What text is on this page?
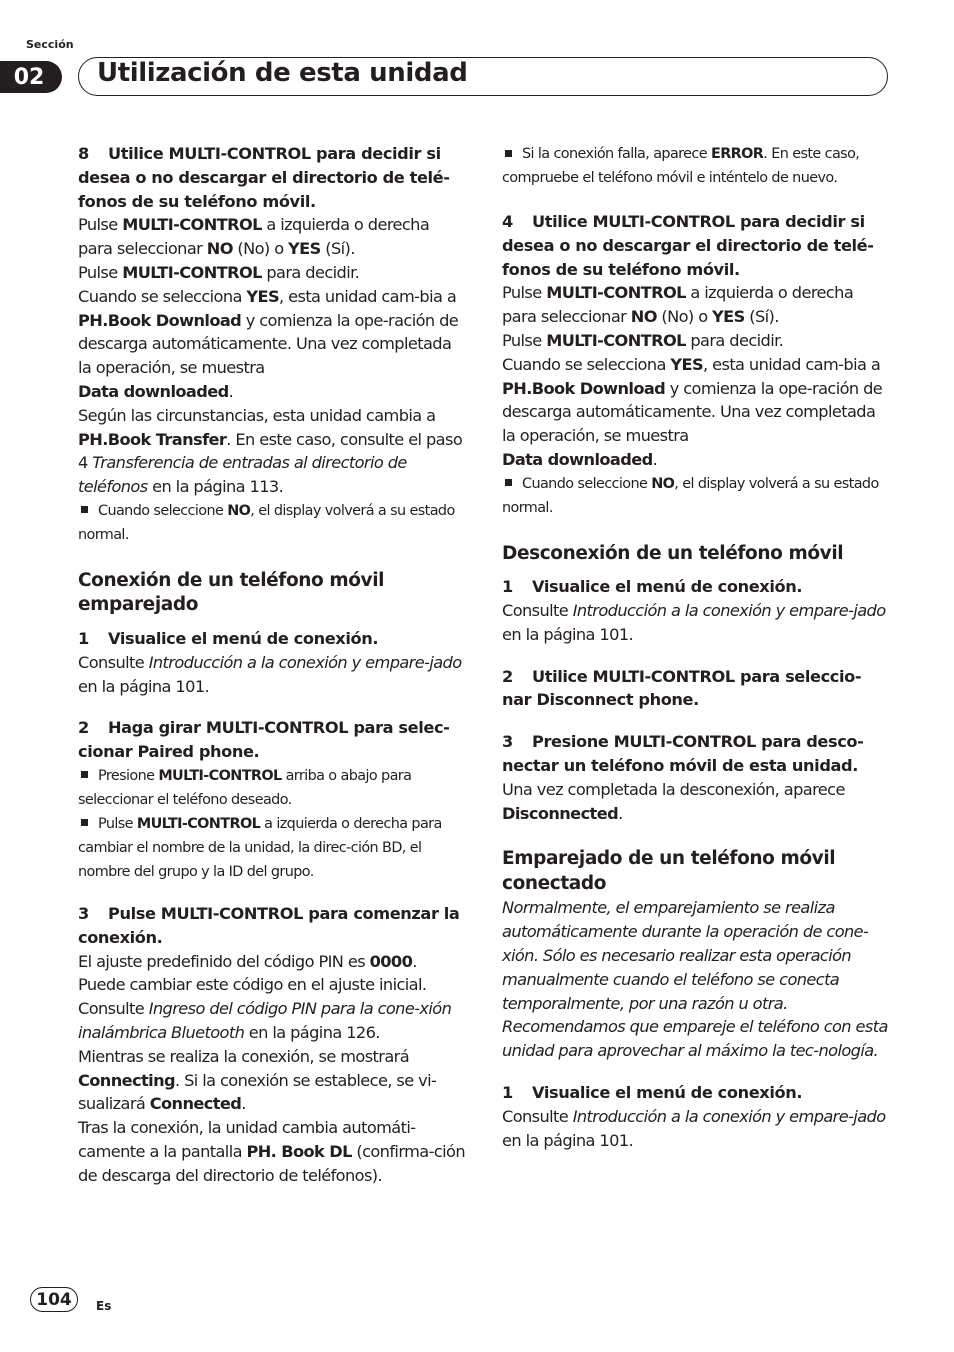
Sección
02	Utilización de esta unidad

8 Utilice MULTI-CONTROL para decidir si desea o no descargar el directorio de telé-fonos de su teléfono móvil.

Pulse MULTI-CONTROL a izquierda o derecha para seleccionar NO (No) o YES (Sí).

Pulse MULTI-CONTROL para decidir.

Cuando se selecciona YES, esta unidad cam-bia a PH.Book Download y comienza la ope-ración de descarga automáticamente. Una vez completada la operación, se muestra

Data downloaded.

Según las circunstancias, esta unidad cambia a PH.Book Transfer. En este caso, consulte el paso 4 Transferencia de entradas al directorio de teléfonos en la página 113.

Cuando seleccione NO, el display volverá a su estado normal.

Conexión de un teléfono móvil emparejado

1 Visualice el menú de conexión.

Consulte Introducción a la conexión y empare-jado en la página 101.

2 Haga girar MULTI-CONTROL para selec-cionar Paired phone.

Presione MULTI-CONTROL arriba o abajo para seleccionar el teléfono deseado.

Pulse MULTI-CONTROL a izquierda o derecha para cambiar el nombre de la unidad, la direc-ción BD, el nombre del grupo y la ID del grupo.

3 Pulse MULTI-CONTROL para comenzar la conexión.

El ajuste predefinido del código PIN es 0000.

Puede cambiar este código en el ajuste inicial. Consulte Ingreso del código PIN para la cone-xión inalámbrica Bluetooth en la página 126.

Mientras se realiza la conexión, se mostrará Connecting. Si la conexión se establece, se vi-sualizará Connected.

Tras la conexión, la unidad cambia automáti-camente a la pantalla PH. Book DL (confirma-ción de descarga del directorio de teléfonos).

Si la conexión falla, aparece ERROR. En este caso, compruebe el teléfono móvil e inténtelo de nuevo.

4 Utilice MULTI-CONTROL para decidir si desea o no descargar el directorio de telé-fonos de su teléfono móvil.

Pulse MULTI-CONTROL a izquierda o derecha para seleccionar NO (No) o YES (Sí).

Pulse MULTI-CONTROL para decidir.

Cuando se selecciona YES, esta unidad cam-bia a PH.Book Download y comienza la ope-ración de descarga automáticamente. Una vez completada la operación, se muestra

Data downloaded.

Cuando seleccione NO, el display volverá a su estado normal.

Desconexión de un teléfono móvil

1 Visualice el menú de conexión.

Consulte Introducción a la conexión y empare-jado en la página 101.

2 Utilice MULTI-CONTROL para seleccio-nar Disconnect phone.

3 Presione MULTI-CONTROL para desco-nectar un teléfono móvil de esta unidad.

Una vez completada la desconexión, aparece Disconnected.

Emparejado de un teléfono móvil conectado

Normalmente, el emparejamiento se realiza automáticamente durante la operación de cone-xión. Sólo es necesario realizar esta operación manualmente cuando el teléfono se conecta temporalmente, por una razón u otra. Recomendamos que empareje el teléfono con esta unidad para aprovechar al máximo la tec-nología.

1 Visualice el menú de conexión.

Consulte Introducción a la conexión y empare-jado en la página 101.

104	Es
